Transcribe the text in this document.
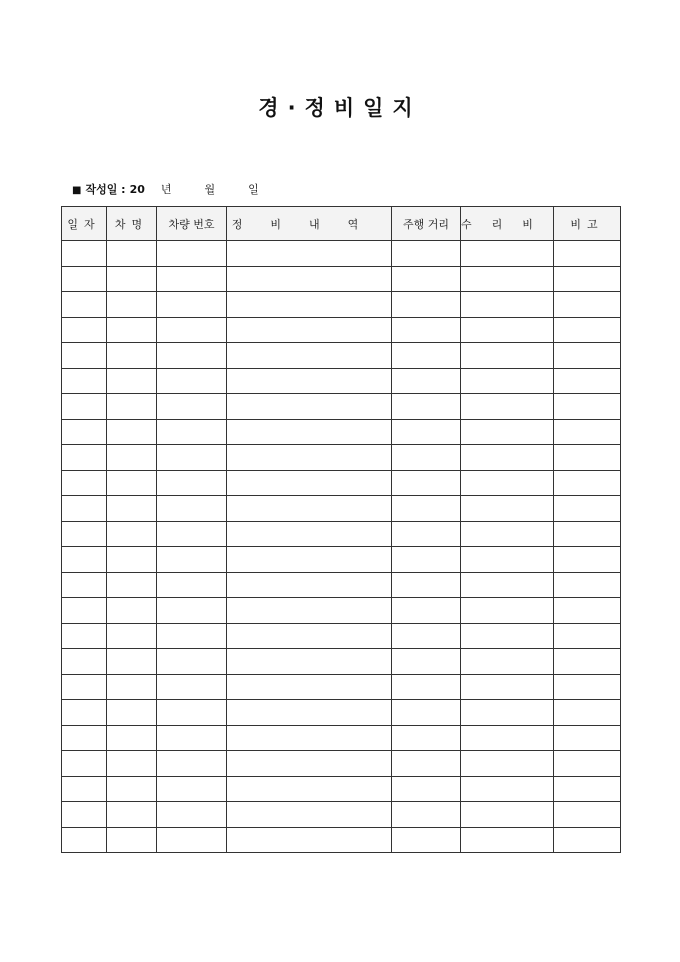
경·정비일지
■ 작성일 : 20 년	월	일
일자	차명	차량 번호	정비내역	주행 거리	수리비	비고
